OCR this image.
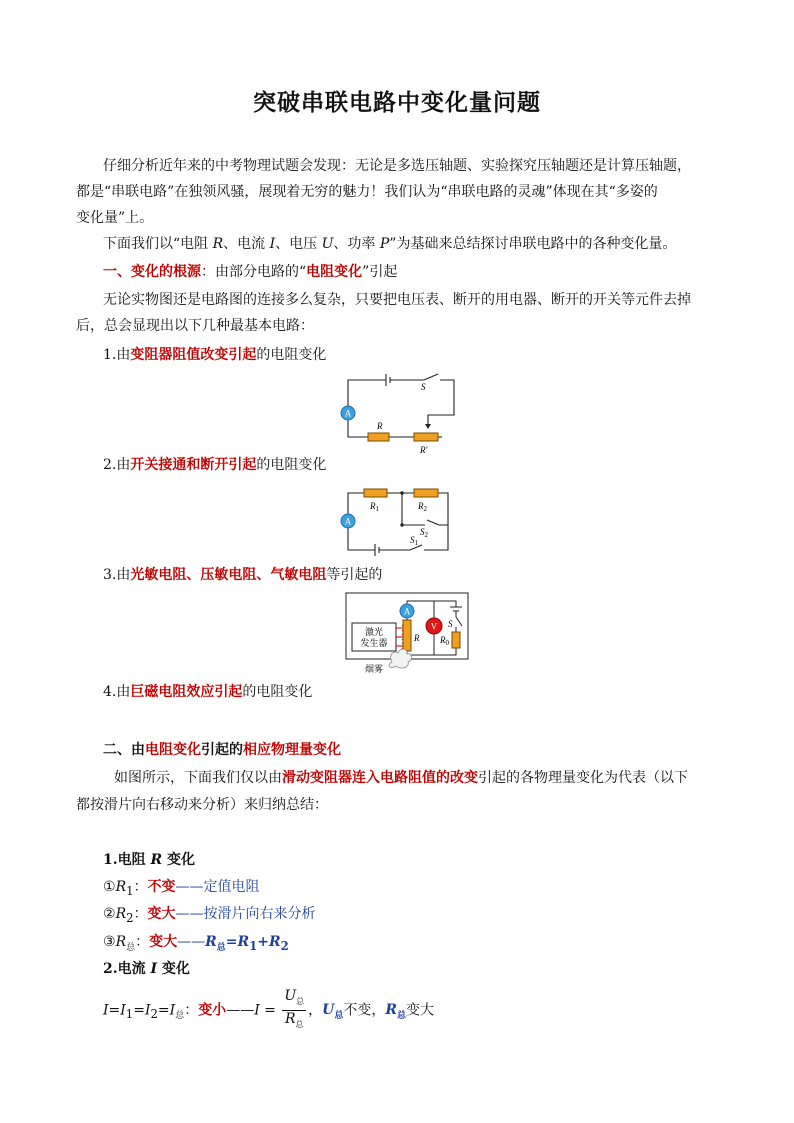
突破串联电路中变化量问题
仔细分析近年来的中考物理试题会发现：无论是多选压轴题、实验探究压轴题还是计算压轴题，
都是“串联电路”在独领风骚，展现着无穷的魅力！我们认为“串联电路的灵魂”体现在其“多姿的
变化量”上。
下面我们以“电阻 R、电流 I、电压 U、功率 P”为基础来总结探讨串联电路中的各种变化量。
一、变化的根源：由部分电路的“电阻变化”引起
无论实物图还是电路图的连接多么复杂，只要把电压表、断开的用电器、断开的开关等元件去掉
后，总会显现出以下几种最基本电路：
1.由变阻器阻值改变引起的电阻变化
A
S
R
R′
2.由开关接通和断开引起的电阻变化
A
$R_1$	$R_2$
$S_2$
$S_1$
3.由光敏电阻、压敏电阻、气敏电阻等引起的
激光
发生器
A
V
R
S
$R_0$
烟雾
4.由巨磁电阻效应引起的电阻变化
二、由电阻变化引起的相应物理量变化
如图所示，下面我们仅以由滑动变阻器连入电路阻值的改变引起的各物理量变化为代表（以下
都按滑片向右移动来分析）来归纳总结：
1.电阻 R 变化
$①R_1$：不变——定值电阻
$②R_2$：变大——按滑片向右来分析
$③R_总$：变大$——R_总=R_1+R_2$
2.电流 I 变化
$I=I_1=I_2=I_总$：变小——I = $\frac{U_总}{R_总}$ ，$U_总$不变，$R_总$变大
